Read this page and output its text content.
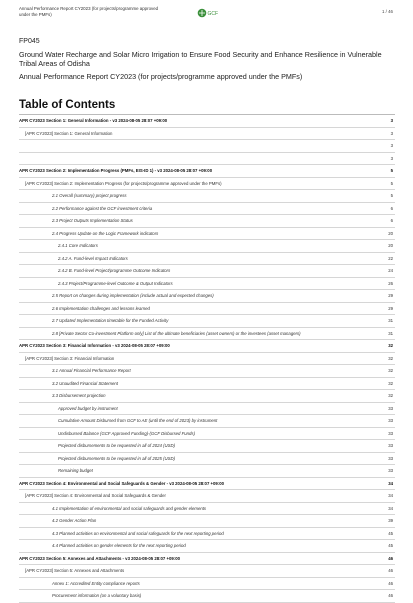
Annual Performance Report CY2023 (for projects/programme approved under the PMFs)	GCF	1 / 46
FP045
Ground Water Recharge and Solar Micro Irrigation to Ensure Food Security and Enhance Resilience in Vulnerable Tribal Areas of Odisha
Annual Performance Report CY2023 (for projects/programme approved under the PMFs)
Table of Contents
APR CY2023 Section 1: General Information - v3 2024-08-05 28:07 +09:00	3
[APR CY2023] Section 1: General Information	3
3
3
APR CY2023 Section 2: Implementation Progress (PMFs, EIS-ID 1) - v3 2024-08-05 28:07 +09:00	5
[APR CY2023] Section 2: Implementation Progress (for projects/programme approved under the PMFs)	5
2.1 Overall (summary) project progress	5
2.2 Performance against the GCF investment criteria	6
2.3 Project Outputs Implementation Status	6
2.4 Progress Update on the Logic Framework indicators	20
2.4.1 Core Indicators	20
2.4.2 A. Fund-level Impact Indicators	22
2.4.2 B. Fund-level Project/programme Outcome Indicators	24
2.4.3 Project/Programme-level Outcome & Output Indicators	26
2.5 Report on changes during implementation (include actual and expected changes)	29
2.6 Implementation challenges and lessons learned	29
2.7 Updated Implementation timetable for the Funded Activity	31
2.8 [Private Sector Co-investment Platform only] List of the ultimate beneficiaries (asset owners) or the investees (asset managers)	31
APR CY2023 Section 3: Financial Information - v3 2024-08-05 28:07 +09:00	32
[APR CY2023] Section 3: Financial Information	32
3.1 Annual Financial Performance Report	32
3.2 Unaudited Financial Statement	32
3.3 Disbursement projection	32
Approved budget by instrument	33
Cumulative Amount Disbursed from GCF to AE (until the end of 2023) by instrument	33
Undisbursed Balance (GCF Approved Funding)-(GCF Disbursed Funds)	33
Projected disbursements to be requested in all of 2024 (USD)	33
Projected disbursements to be requested in all of 2025 (USD)	33
Remaining budget	33
APR CY2023 Section 4: Environmental and Social Safeguards & Gender - v3 2024-08-05 28:07 +09:00	34
[APR CY2023] Section 4: Environmental and Social Safeguards & Gender	34
4.1 Implementation of environmental and social safeguards and gender elements	34
4.2 Gender Action Plan	39
4.3 Planned activities on environmental and social safeguards for the next reporting period	45
4.4 Planned activities on gender elements for the next reporting period	45
APR CY2023 Section 5: Annexes and Attachments - v3 2024-08-05 28:07 +09:00	46
[APR CY2023] Section 5: Annexes and Attachments	46
Annex 1: Accredited Entity compliance reports	46
Procurement information (on a voluntary basis)	46
